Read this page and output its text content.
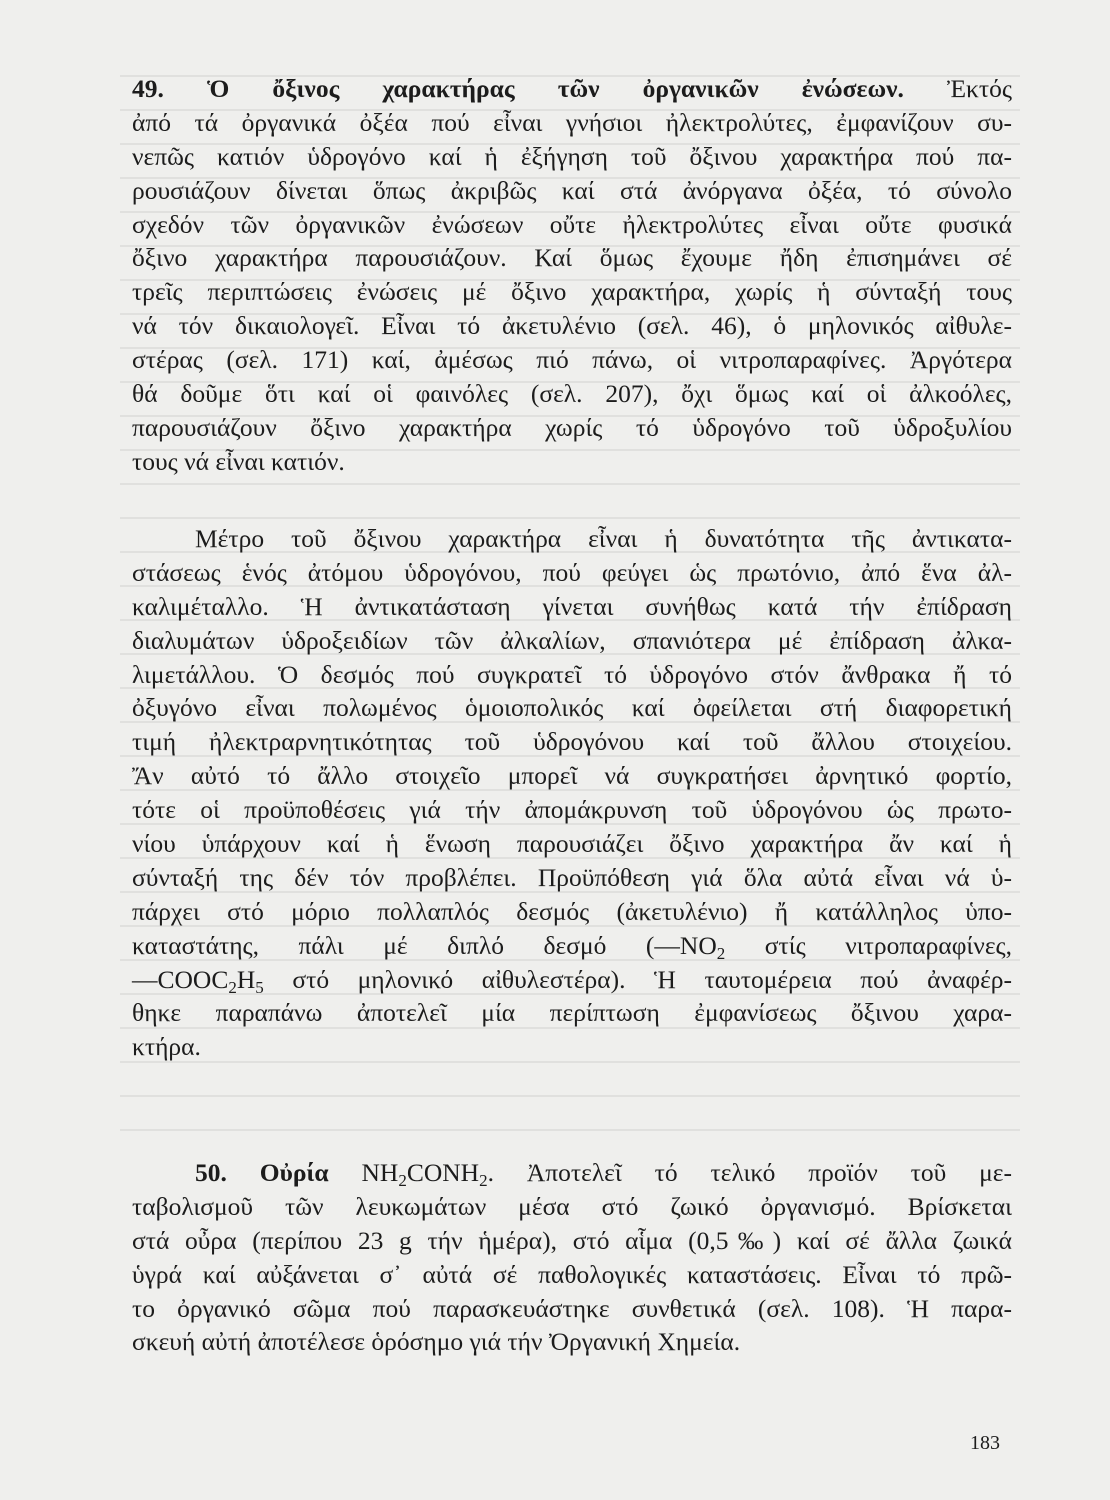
49. Ὁ ὄξινος χαρακτήρας τῶν ὀργανικῶν ἐνώσεων. Ἐκτός
ἀπό τά ὀργανικά ὀξέα πού εἶναι γνήσιοι ἠλεκτρολύτες, ἐμφανίζουν συ-
νεπῶς κατιόν ὑδρογόνο καί ἡ ἐξήγηση τοῦ ὄξινου χαρακτήρα πού πα-
ρουσιάζουν δίνεται ὅπως ἀκριβῶς καί στά ἀνόργανα ὀξέα, τό σύνολο
σχεδόν τῶν ὀργανικῶν ἐνώσεων οὔτε ἠλεκτρολύτες εἶναι οὔτε φυσικά
ὄξινο χαρακτήρα παρουσιάζουν. Καί ὅμως ἔχουμε ἤδη ἐπισημάνει σέ
τρεῖς περιπτώσεις ἐνώσεις μέ ὄξινο χαρακτήρα, χωρίς ἡ σύνταξή τους
νά τόν δικαιολογεῖ. Εἶναι τό ἀκετυλένιο (σελ. 46), ὁ μηλονικός αἰθυλε-
στέρας (σελ. 171) καί, ἀμέσως πιό πάνω, οἱ νιτροπαραφίνες. Ἀργότερα
θά δοῦμε ὅτι καί οἱ φαινόλες (σελ. 207), ὄχι ὅμως καί οἱ ἀλκοόλες,
παρουσιάζουν ὄξινο χαρακτήρα χωρίς τό ὑδρογόνο τοῦ ὑδροξυλίου
τους νά εἶναι κατιόν.
Μέτρο τοῦ ὄξινου χαρακτήρα εἶναι ἡ δυνατότητα τῆς ἀντικατα-
στάσεως ἑνός ἀτόμου ὑδρογόνου, πού φεύγει ὡς πρωτόνιο, ἀπό ἕνα ἀλ-
καλιμέταλλο. Ἡ ἀντικατάσταση γίνεται συνήθως κατά τήν ἐπίδραση
διαλυμάτων ὑδροξειδίων τῶν ἀλκαλίων, σπανιότερα μέ ἐπίδραση ἀλκα-
λιμετάλλου. Ὁ δεσμός πού συγκρατεῖ τό ὑδρογόνο στόν ἄνθρακα ἤ τό
ὀξυγόνο εἶναι πολωμένος ὁμοιοπολικός καί ὀφείλεται στή διαφορετική
τιμή ἠλεκτραρνητικότητας τοῦ ὑδρογόνου καί τοῦ ἄλλου στοιχείου.
Ἄν αὐτό τό ἄλλο στοιχεῖο μπορεῖ νά συγκρατήσει ἀρνητικό φορτίο,
τότε οἱ προϋποθέσεις γιά τήν ἀπομάκρυνση τοῦ ὑδρογόνου ὡς πρωτο-
νίου ὑπάρχουν καί ἡ ἕνωση παρουσιάζει ὄξινο χαρακτήρα ἄν καί ἡ
σύνταξή της δέν τόν προβλέπει. Προϋπόθεση γιά ὅλα αὐτά εἶναι νά ὑ-
πάρχει στό μόριο πολλαπλός δεσμός (ἀκετυλένιο) ἤ κατάλληλος ὑπο-
καταστάτης, πάλι μέ διπλό δεσμό ($—NO_2$ στίς νιτροπαραφίνες,
$—COOC_2H_5$ στό μηλονικό αἰθυλεστέρα). Ἡ ταυτομέρεια πού ἀναφέρ-
θηκε παραπάνω ἀποτελεῖ μία περίπτωση ἐμφανίσεως ὄξινου χαρα-
κτήρα.
50. Οὐρία $NH_2CONH_2$. Ἀποτελεῖ τό τελικό προϊόν τοῦ με-
ταβολισμοῦ τῶν λευκωμάτων μέσα στό ζωικό ὀργανισμό. Βρίσκεται
στά οὖρα (περίπου 23 g τήν ἡμέρα), στό αἷμα (0,5‰) καί σέ ἄλλα ζωικά
ὑγρά καί αὐξάνεται σ᾽ αὐτά σέ παθολογικές καταστάσεις. Εἶναι τό πρῶ-
το ὀργανικό σῶμα πού παρασκευάστηκε συνθετικά (σελ. 108). Ἡ παρα-
σκευή αὐτή ἀποτέλεσε ὁρόσημο γιά τήν Ὀργανική Χημεία.
183
